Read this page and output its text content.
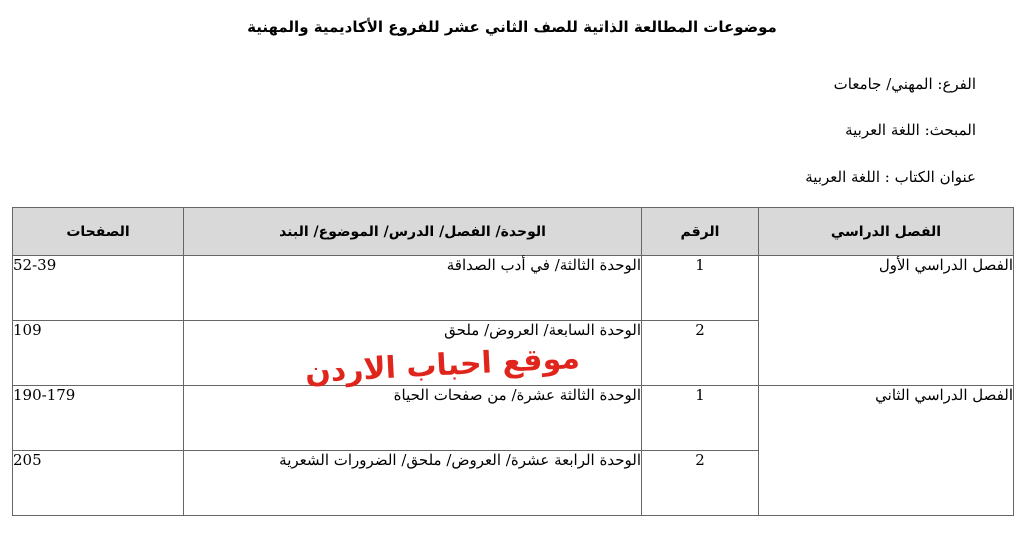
موضوعات المطالعة الذاتية للصف الثاني عشر للفروع الأكاديمية والمهنية
الفرع: المهني/ جامعات
المبحث: اللغة العربية
عنوان الكتاب : اللغة العربية
الفصل الدراسي	الرقم	الوحدة/ الفصل/ الدرس/ الموضوع/ البند	الصفحات
الفصل الدراسي الأول	1	الوحدة الثالثة/ في أدب الصداقة	52-39
	2	الوحدة السابعة/ العروض/ ملحق	109
الفصل الدراسي الثاني	1	الوحدة الثالثة عشرة/ من صفحات الحياة	190-179
	2	الوحدة الرابعة عشرة/ العروض/ ملحق/ الضرورات الشعرية	205
موقع احباب الاردن
